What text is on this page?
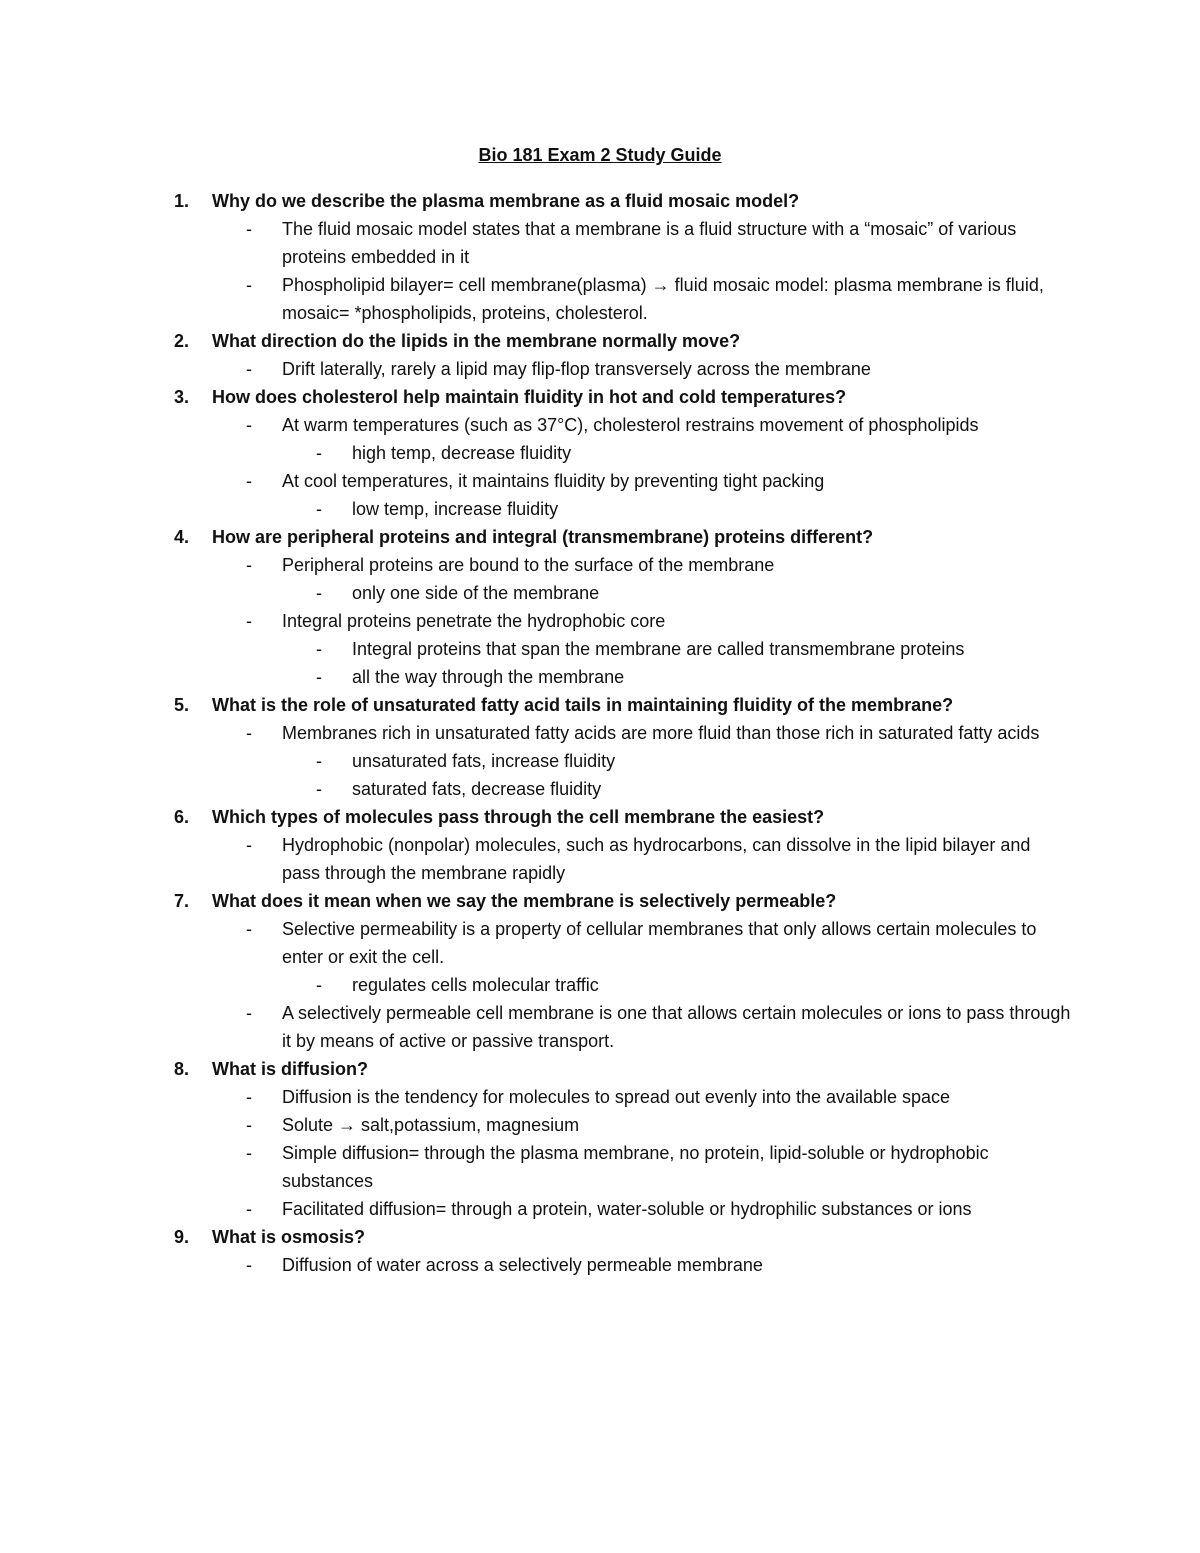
Bio 181 Exam 2 Study Guide
1.	Why do we describe the plasma membrane as a fluid mosaic model?
-	The fluid mosaic model states that a membrane is a fluid structure with a “mosaic” of various proteins embedded in it
-	Phospholipid bilayer= cell membrane(plasma) → fluid mosaic model: plasma membrane is fluid, mosaic= *phospholipids, proteins, cholesterol.
2.	What direction do the lipids in the membrane normally move?
-	Drift laterally, rarely a lipid may flip-flop transversely across the membrane
3.	How does cholesterol help maintain fluidity in hot and cold temperatures?
-	At warm temperatures (such as 37°C), cholesterol restrains movement of phospholipids
-	high temp, decrease fluidity
-	At cool temperatures, it maintains fluidity by preventing tight packing
-	low temp, increase fluidity
4.	How are peripheral proteins and integral (transmembrane) proteins different?
-	Peripheral proteins are bound to the surface of the membrane
-	only one side of the membrane
-	Integral proteins penetrate the hydrophobic core
-	Integral proteins that span the membrane are called transmembrane proteins
-	all the way through the membrane
5.	What is the role of unsaturated fatty acid tails in maintaining fluidity of the membrane?
-	Membranes rich in unsaturated fatty acids are more fluid than those rich in saturated fatty acids
-	unsaturated fats, increase fluidity
-	saturated fats, decrease fluidity
6.	Which types of molecules pass through the cell membrane the easiest?
-	Hydrophobic (nonpolar) molecules, such as hydrocarbons, can dissolve in the lipid bilayer and pass through the membrane rapidly
7.	What does it mean when we say the membrane is selectively permeable?
-	Selective permeability is a property of cellular membranes that only allows certain molecules to enter or exit the cell.
-	regulates cells molecular traffic
-	A selectively permeable cell membrane is one that allows certain molecules or ions to pass through it by means of active or passive transport.
8.	What is diffusion?
-	Diffusion is the tendency for molecules to spread out evenly into the available space
-	Solute → salt,potassium, magnesium
-	Simple diffusion= through the plasma membrane, no protein, lipid-soluble or hydrophobic substances
-	Facilitated diffusion= through a protein, water-soluble or hydrophilic substances or ions
9.	What is osmosis?
-	Diffusion of water across a selectively permeable membrane
